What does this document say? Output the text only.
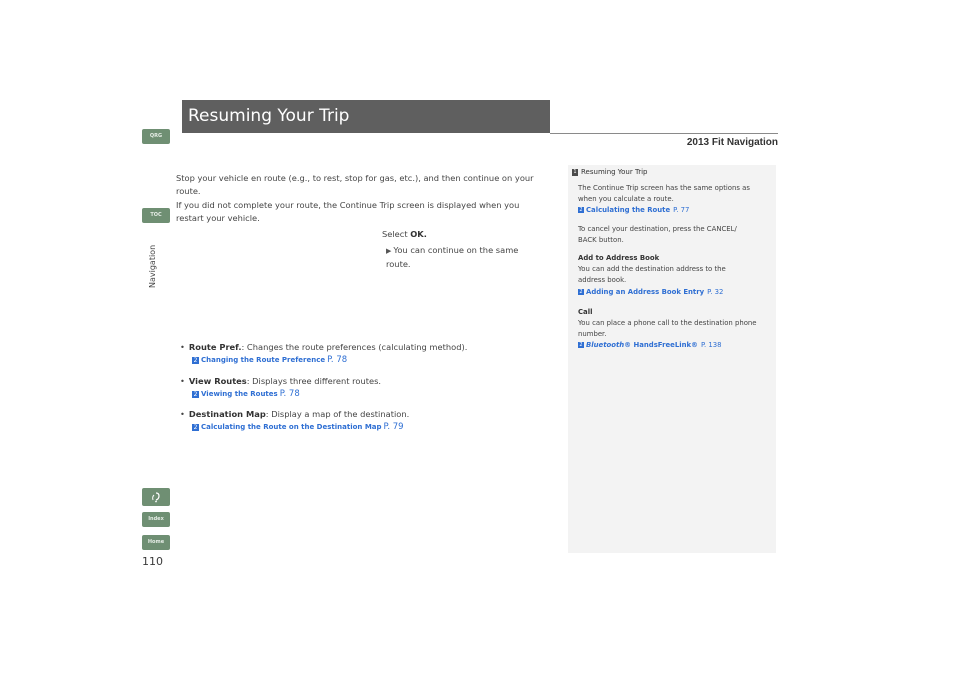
QRG
TOC
Navigation
Index
Home
110
Resuming Your Trip
2013 Fit Navigation
Stop your vehicle en route (e.g., to rest, stop for gas, etc.), and then continue on your route.
If you did not complete your route, the Continue Trip screen is displayed when you restart your vehicle.
Select OK.
▶ You can continue on the same route.
• Route Pref.: Changes the route preferences (calculating method).
2 Changing the Route Preference P. 78
• View Routes: Displays three different routes.
2 Viewing the Routes P. 78
• Destination Map: Display a map of the destination.
2 Calculating the Route on the Destination Map P. 79
1 Resuming Your Trip
The Continue Trip screen has the same options as when you calculate a route.
2 Calculating the Route P. 77
To cancel your destination, press the CANCEL/ BACK button.
Add to Address Book
You can add the destination address to the address book.
2 Adding an Address Book Entry P. 32
Call
You can place a phone call to the destination phone number.
2 Bluetooth® HandsFreeLink® P. 138
